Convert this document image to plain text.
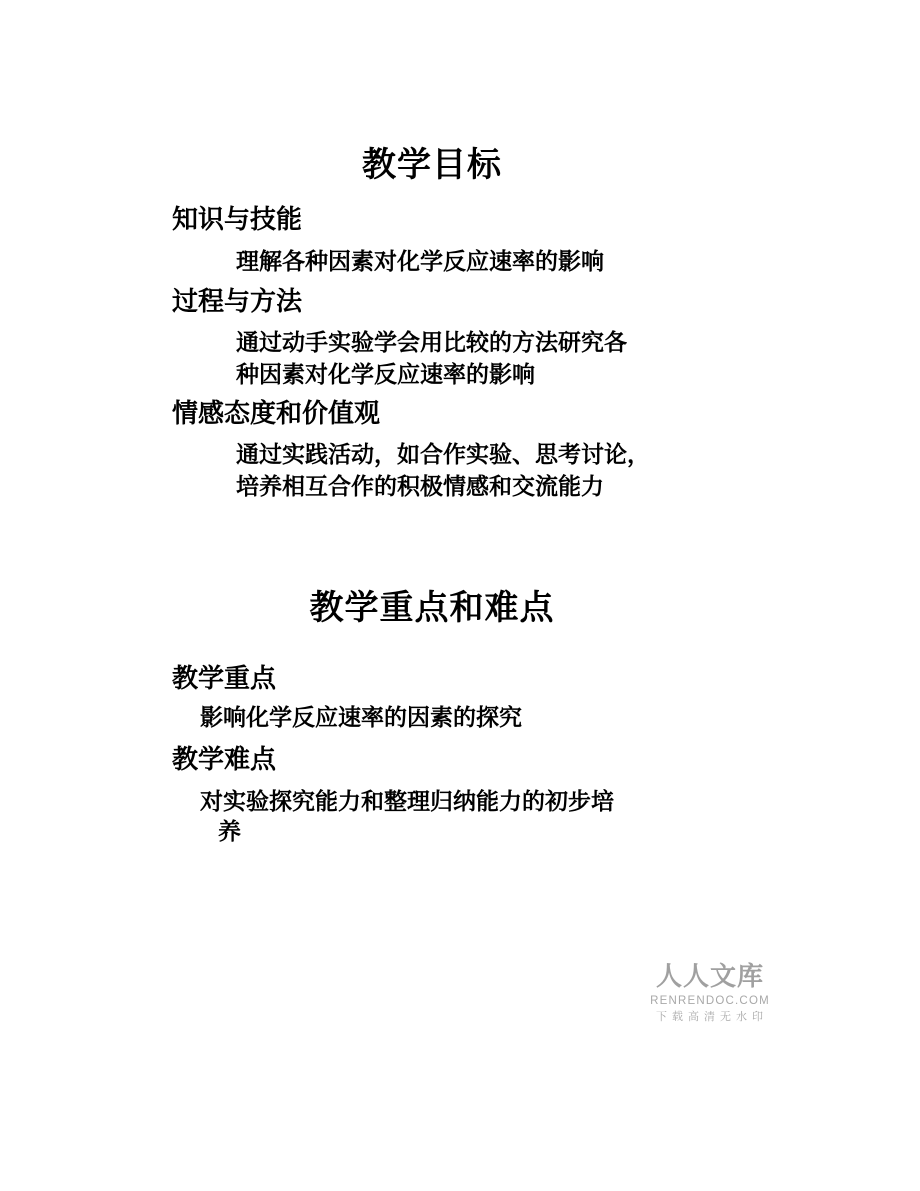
教学目标
知识与技能
理解各种因素对化学反应速率的影响
过程与方法
通过动手实验学会用比较的方法研究各
种因素对化学反应速率的影响
情感态度和价值观
通过实践活动，如合作实验、思考讨论，
培养相互合作的积极情感和交流能力
教学重点和难点
教学重点
影响化学反应速率的因素的探究
教学难点
对实验探究能力和整理归纳能力的初步培
养
人人文库
RENRENDOC.COM
下载高清无水印
